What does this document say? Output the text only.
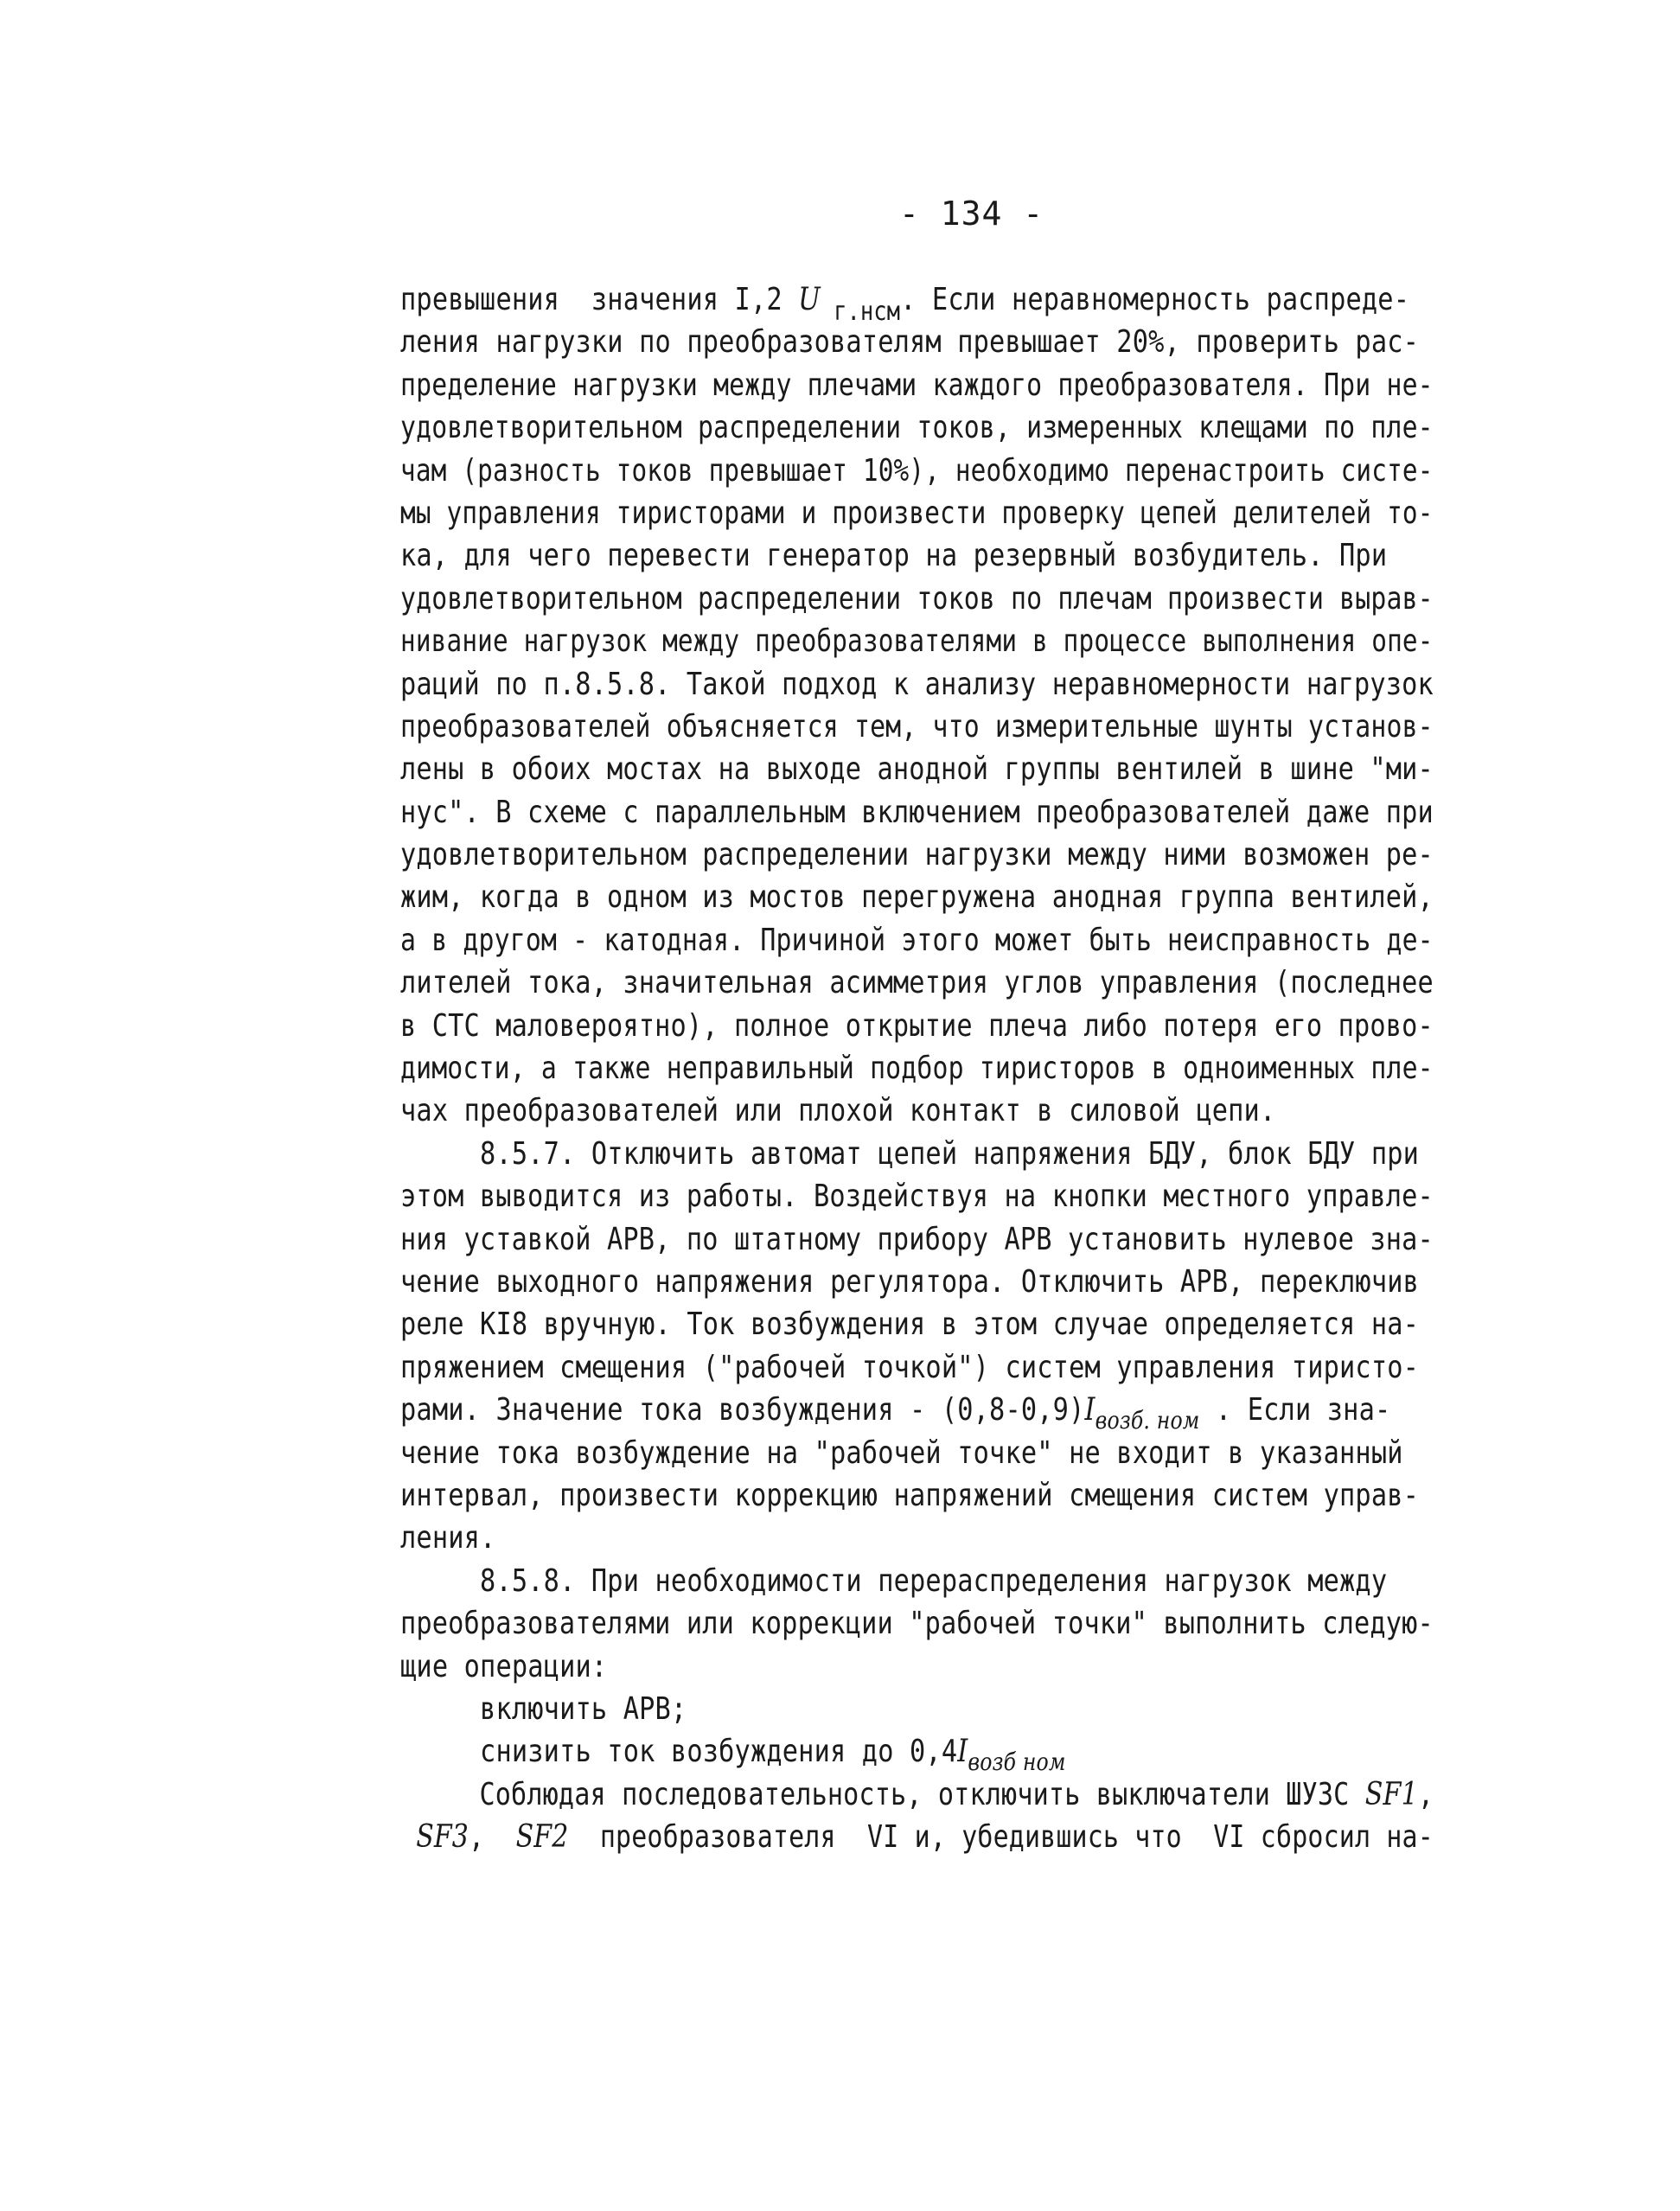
- 134 -
превышения  значения I,2 U $_{г.нсм}$. Если неравномерность распреде-
ления нагрузки по преобразователям превышает 20%, проверить рас-
пределение нагрузки между плечами каждого преобразователя. При не-
удовлетворительном распределении токов, измеренных клещами по пле-
чам (разность токов превышает 10%), необходимо перенастроить систе-
мы управления тиристорами и произвести проверку цепей делителей то-
ка, для чего перевести генератор на резервный возбудитель. При
удовлетворительном распределении токов по плечам произвести вырав-
нивание нагрузок между преобразователями в процессе выполнения опе-
раций по п.8.5.8. Такой подход к анализу неравномерности нагрузок
преобразователей объясняется тем, что измерительные шунты установ-
лены в обоих мостах на выходе анодной группы вентилей в шине "ми-
нус". В схеме с параллельным включением преобразователей даже при
удовлетворительном распределении нагрузки между ними возможен ре-
жим, когда в одном из мостов перегружена анодная группа вентилей,
а в другом - катодная. Причиной этого может быть неисправность де-
лителей тока, значительная асимметрия углов управления (последнее
в СТС маловероятно), полное открытие плеча либо потеря его прово-
димости, а также неправильный подбор тиристоров в одноименных пле-
чах преобразователей или плохой контакт в силовой цепи.
8.5.7. Отключить автомат цепей напряжения БДУ, блок БДУ при
этом выводится из работы. Воздействуя на кнопки местного управле-
ния уставкой АРВ, по штатному прибору АРВ установить нулевое зна-
чение выходного напряжения регулятора. Отключить АРВ, переключив
реле КІ8 вручную. Ток возбуждения в этом случае определяется на-
пряжением смещения ("рабочей точкой") систем управления тиристо-
рами. Значение тока возбуждения - $(0,8-0,9)I_{возб. ном}$ . Если зна-
чение тока возбуждение на "рабочей точке" не входит в указанный
интервал, произвести коррекцию напряжений смещения систем управ-
ления.
8.5.8. При необходимости перераспределения нагрузок между
преобразователями или коррекции "рабочей точки" выполнить следую-
щие операции:
включить АРВ;
снизить ток возбуждения до $0,4I_{возб ном}$
Соблюдая последовательность, отключить выключатели ШУЗС SF1,
SF3,  SF2  преобразователя  VI и, убедившись что  VI сбросил на-
